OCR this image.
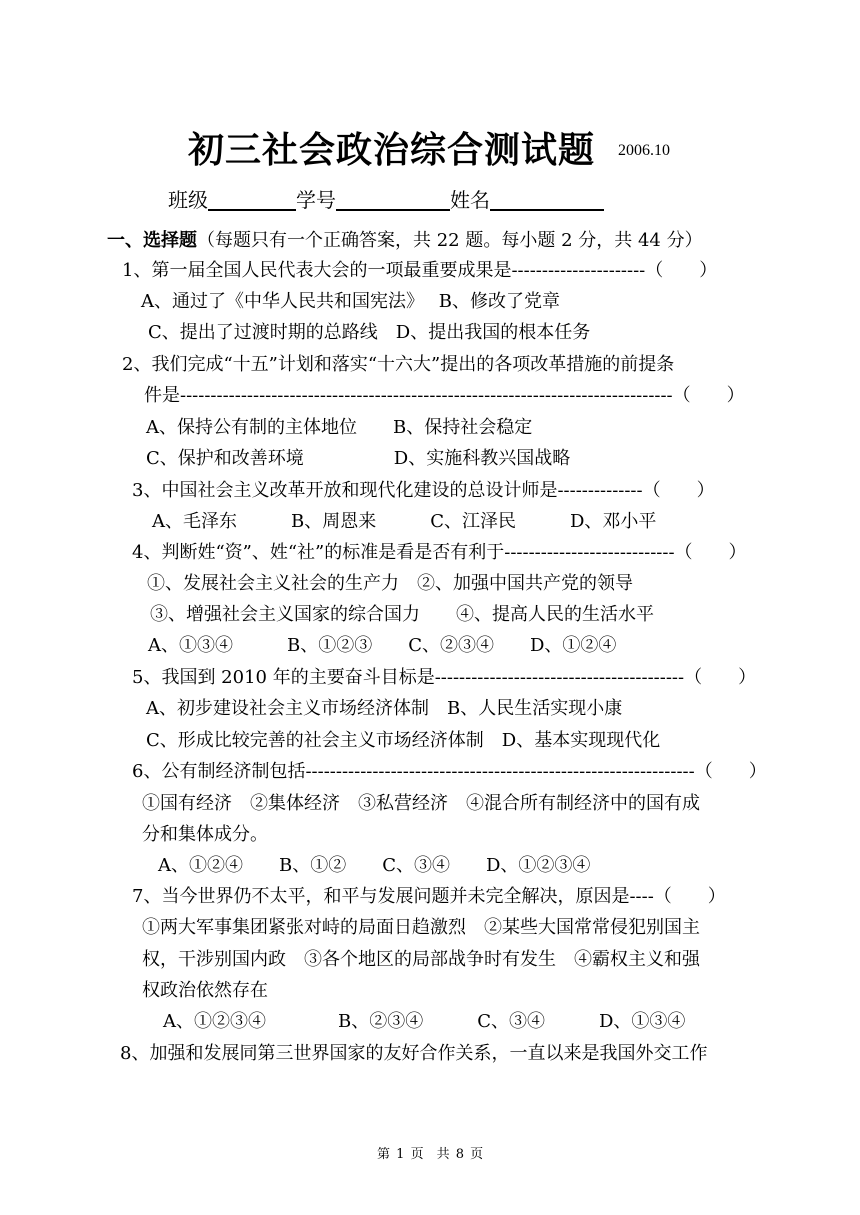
初三社会政治综合测试题 2006.10
班级	学号	姓名
一、选择题（每题只有一个正确答案，共 22 题。每小题 2 分，共 44 分）
1、第一届全国人民代表大会的一项最重要成果是----------------------（　　）
A、通过了《中华人民共和国宪法》　 B、修改了党章
C、提出了过渡时期的总路线　D、提出我国的根本任务
2、我们完成“十五”计划和落实“十六大”提出的各项改革措施的前提条
件是---------------------------------------------------------------------------------（　　）
A、保持公有制的主体地位　　B、保持社会稳定
C、保护和改善环境　　　　　D、实施科教兴国战略
3、中国社会主义改革开放和现代化建设的总设计师是--------------（　　）
A、毛泽东　　　B、周恩来　　　C、江泽民　　　D、邓小平
4、判断姓“资”、姓“社”的标准是看是否有利于----------------------------（　　）
①、发展社会主义社会的生产力　②、加强中国共产党的领导
③、增强社会主义国家的综合国力　　④、提高人民的生活水平
A、①③④　　　B、①②③　　C、②③④　　D、①②④
5、我国到 2010 年的主要奋斗目标是-----------------------------------------（　　）
A、初步建设社会主义市场经济体制　B、人民生活实现小康
C、形成比较完善的社会主义市场经济体制　D、基本实现现代化
6、公有制经济制包括----------------------------------------------------------------（　　）
①国有经济　②集体经济　③私营经济　④混合所有制经济中的国有成
分和集体成分。
A、①②④　　B、①②　　C、③④　　D、①②③④
7、当今世界仍不太平，和平与发展问题并未完全解决，原因是----（　　）
①两大军事集团紧张对峙的局面日趋激烈　②某些大国常常侵犯别国主
权，干涉别国内政　③各个地区的局部战争时有发生　④霸权主义和强
权政治依然存在
A、①②③④　　　　B、②③④　　　C、③④　　　D、①③④
8、加强和发展同第三世界国家的友好合作关系，一直以来是我国外交工作
第 1 页　共 8 页
